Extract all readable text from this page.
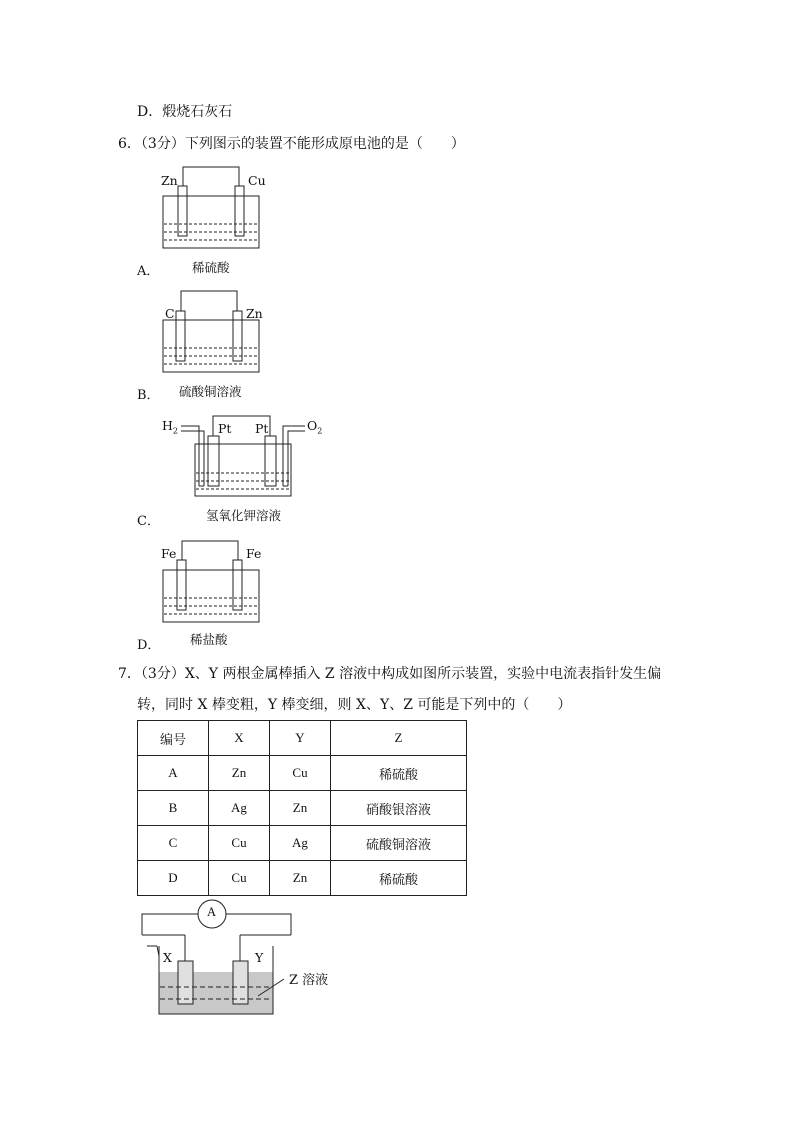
D．煅烧石灰石
6．（3分）下列图示的装置不能形成原电池的是（　　）
Zn	Cu
稀硫酸
A．
C	Zn
硫酸铜溶液
B．
$H_2$	Pt Pt	$O_2$
氢氧化钾溶液
C．
Fe	Fe
稀盐酸
D．
7．（3分）X、Y 两根金属棒插入 Z 溶液中构成如图所示装置，实验中电流表指针发生偏
转，同时 X 棒变粗，Y 棒变细，则 X、Y、Z 可能是下列中的（　　）
编号	X	Y	Z
A	Zn	Cu	稀硫酸
B	Ag	Zn	硝酸银溶液
C	Cu	Ag	硫酸铜溶液
D	Cu	Zn	稀硫酸
A
X	Y
Z 溶液
